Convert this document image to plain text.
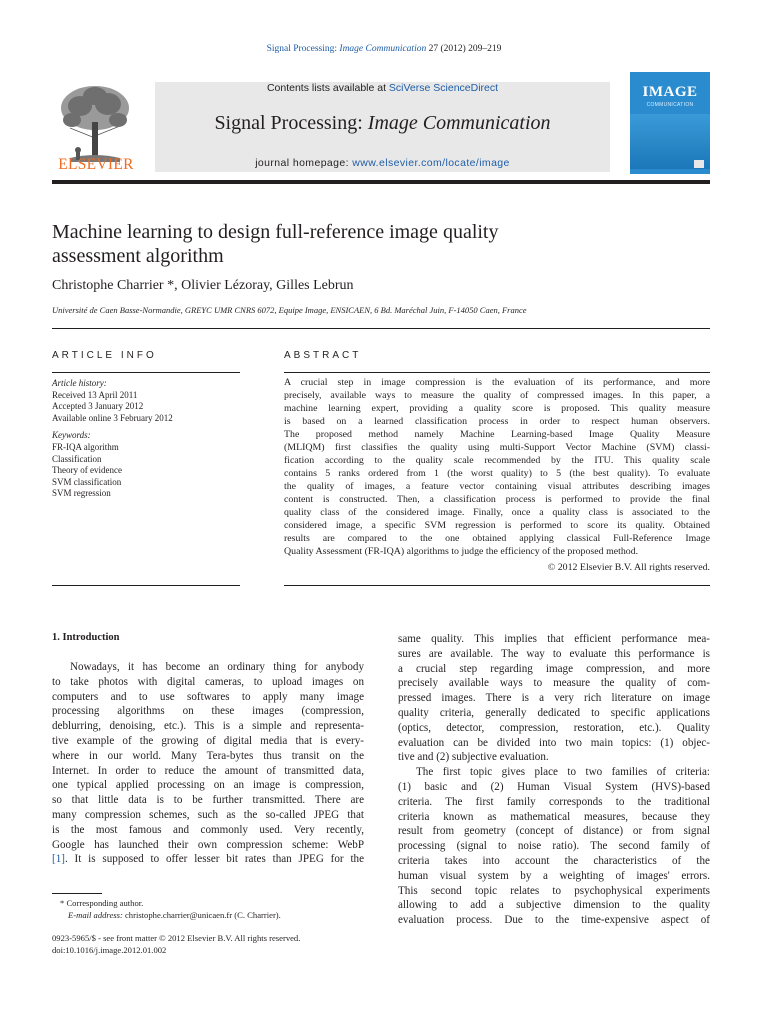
Signal Processing: Image Communication 27 (2012) 209–219
ELSEVIER
Contents lists available at SciVerse ScienceDirect
Signal Processing: Image Communication
journal homepage: www.elsevier.com/locate/image
IMAGE
COMMUNICATION
Machine learning to design full-reference image quality
assessment algorithm
Christophe Charrier *, Olivier Lézoray, Gilles Lebrun
Université de Caen Basse-Normandie, GREYC UMR CNRS 6072, Equipe Image, ENSICAEN, 6 Bd. Maréchal Juin, F-14050 Caen, France
ARTICLE INFO
Article history:
Received 13 April 2011
Accepted 3 January 2012
Available online 3 February 2012
Keywords:
FR-IQA algorithm
Classification
Theory of evidence
SVM classification
SVM regression
ABSTRACT
A crucial step in image compression is the evaluation of its performance, and more
precisely, available ways to measure the quality of compressed images. In this paper, a
machine learning expert, providing a quality score is proposed. This quality measure
is based on a learned classification process in order to respect human observers.
The proposed method namely Machine Learning-based Image Quality Measure
(MLIQM) first classifies the quality using multi-Support Vector Machine (SVM) classi-
fication according to the quality scale recommended by the ITU. This quality scale
contains 5 ranks ordered from 1 (the worst quality) to 5 (the best quality). To evaluate
the quality of images, a feature vector containing visual attributes describing images
content is constructed. Then, a classification process is performed to provide the final
quality class of the considered image. Finally, once a quality class is associated to the
considered image, a specific SVM regression is performed to score its quality. Obtained
results are compared to the one obtained applying classical Full-Reference Image
Quality Assessment (FR-IQA) algorithms to judge the efficiency of the proposed method.
© 2012 Elsevier B.V. All rights reserved.
1. Introduction
Nowadays, it has become an ordinary thing for anybody
to take photos with digital cameras, to upload images on
computers and to use softwares to apply many image
processing algorithms on these images (compression,
deblurring, denoising, etc.). This is a simple and representa-
tive example of the growing of digital media that is every-
where in our world. Many Tera-bytes thus transit on the
Internet. In order to reduce the amount of transmitted data,
one typical applied processing on an image is compression,
so that little data is to be further transmitted. There are
many compression schemes, such as the so-called JPEG that
is the most famous and commonly used. Very recently,
Google has launched their own compression scheme: WebP
[1]. It is supposed to offer lesser bit rates than JPEG for the
same quality. This implies that efficient performance mea-
sures are available. The way to evaluate this performance is
a crucial step regarding image compression, and more
precisely available ways to measure the quality of com-
pressed images. There is a very rich literature on image
quality criteria, generally dedicated to specific applications
(optics, detector, compression, restoration, etc.). Quality
evaluation can be divided into two main topics: (1) objec-
tive and (2) subjective evaluation.
The first topic gives place to two families of criteria:
(1) basic and (2) Human Visual System (HVS)-based
criteria. The first family corresponds to the traditional
criteria known as mathematical measures, because they
result from geometry (concept of distance) or from signal
processing (signal to noise ratio). The second family of
criteria takes into account the characteristics of the
human visual system by a weighting of images' errors.
This second topic relates to psychophysical experiments
allowing to add a subjective dimension to the quality
evaluation process. Due to the time-expensive aspect of
* Corresponding author.
E-mail address: christophe.charrier@unicaen.fr (C. Charrier).
0923-5965/$ - see front matter © 2012 Elsevier B.V. All rights reserved.
doi:10.1016/j.image.2012.01.002
